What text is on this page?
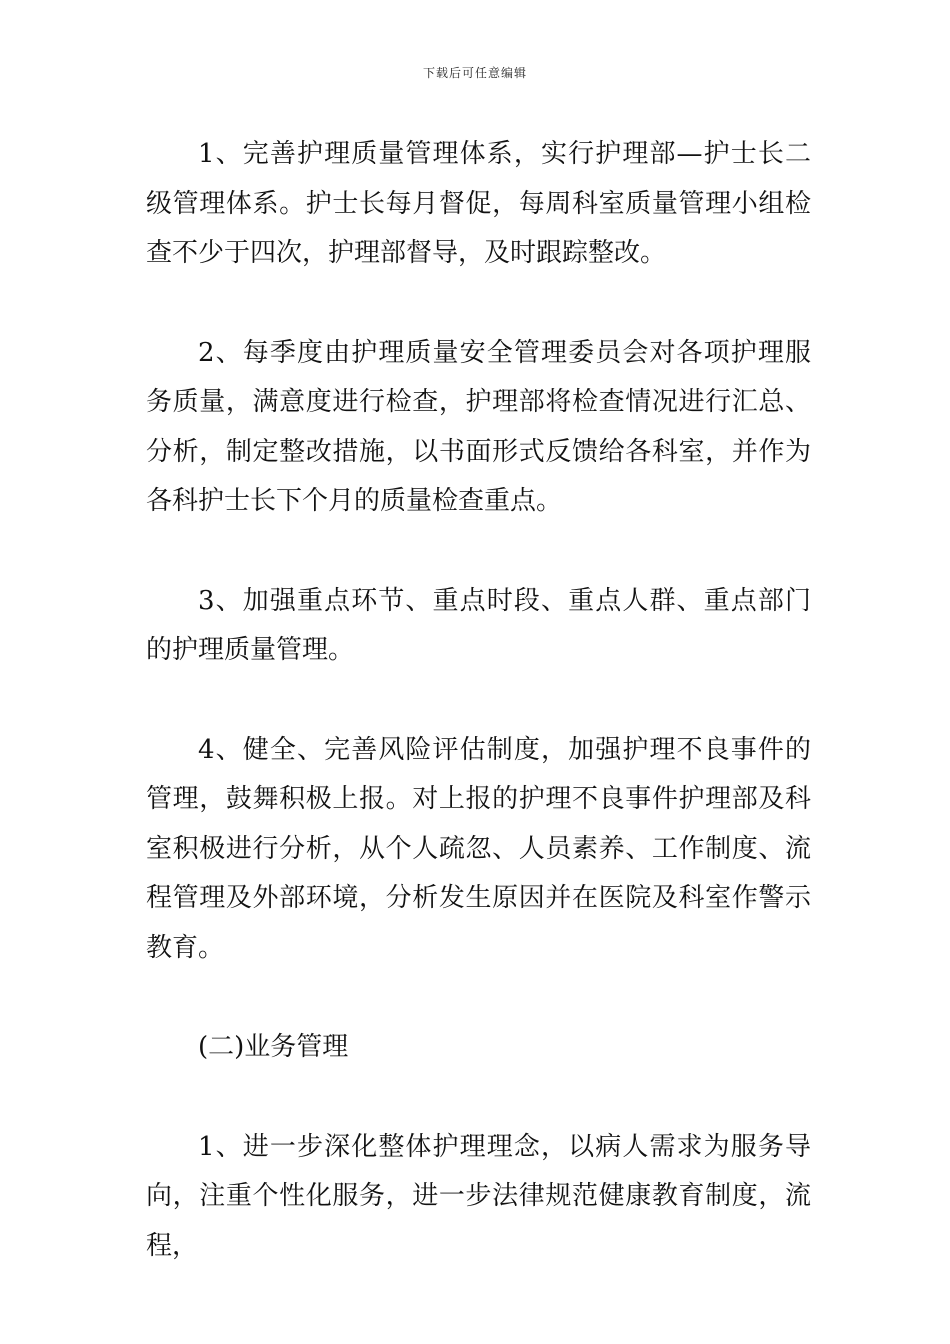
下载后可任意编辑

1、完善护理质量管理体系，实行护理部—护士长二级管理体系。护士长每月督促，每周科室质量管理小组检查不少于四次，护理部督导，及时跟踪整改。

2、每季度由护理质量安全管理委员会对各项护理服务质量，满意度进行检查，护理部将检查情况进行汇总、分析，制定整改措施，以书面形式反馈给各科室，并作为各科护士长下个月的质量检查重点。

3、加强重点环节、重点时段、重点人群、重点部门的护理质量管理。

4、健全、完善风险评估制度，加强护理不良事件的管理，鼓舞积极上报。对上报的护理不良事件护理部及科室积极进行分析，从个人疏忽、人员素养、工作制度、流程管理及外部环境，分析发生原因并在医院及科室作警示教育。

(二)业务管理

1、进一步深化整体护理理念，以病人需求为服务导向，注重个性化服务，进一步法律规范健康教育制度，流程，
